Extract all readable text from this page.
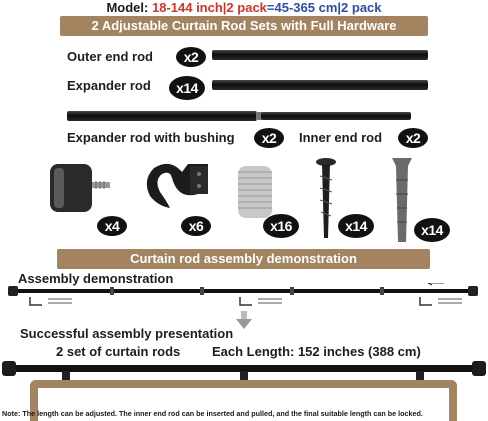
Model: 18-144 inch|2 pack=45-365 cm|2 pack
2 Adjustable Curtain Rod Sets with Full Hardware
Outer end rod	x2
Expander rod	x14
Expander rod with bushing	x2	Inner end rod	x2
x4	x6	x16	x14	x14
Curtain rod assembly demonstration
Assembly demonstration
Successful assembly presentation
2 set of curtain rods Each Length: 152 inches (388 cm)
Note: The length can be adjusted. The inner end rod can be inserted and pulled, and the final suitable length can be locked.
